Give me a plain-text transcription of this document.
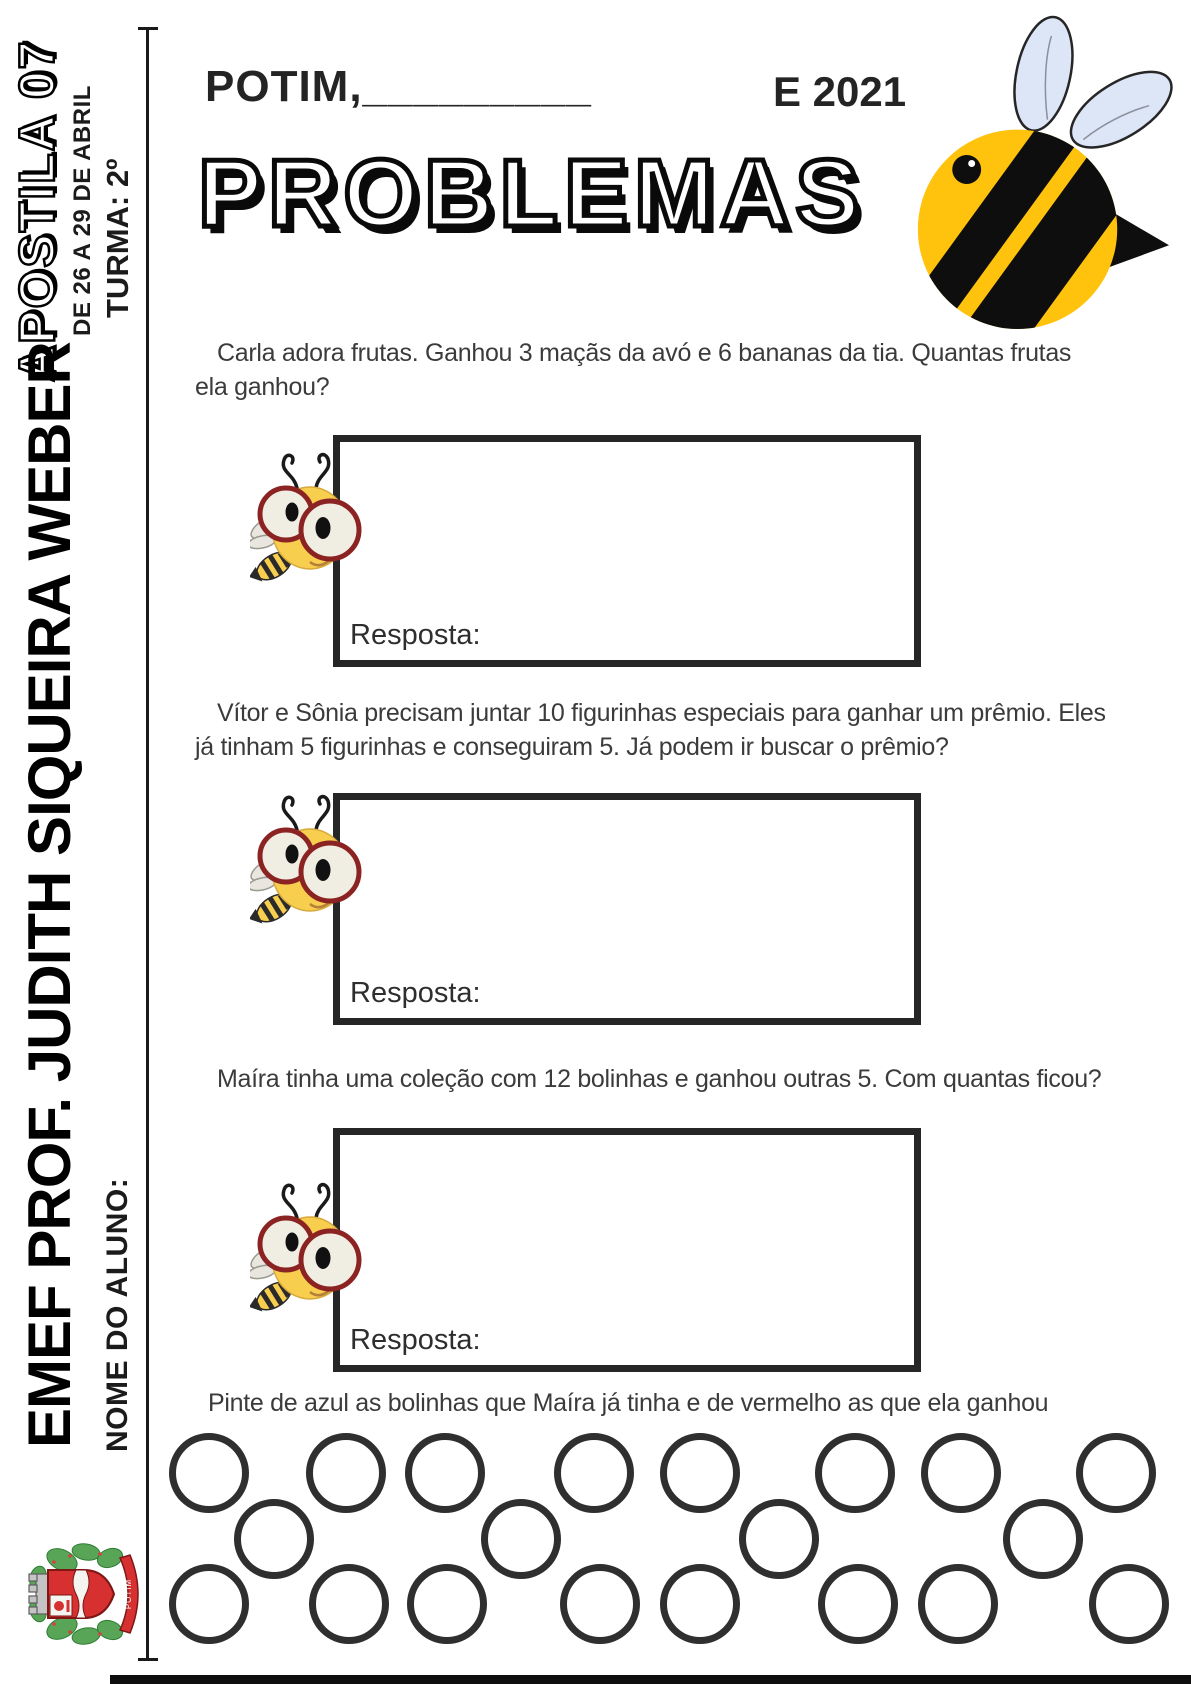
APOSTILA 07 DE 26 A 29 DE ABRIL TURMA: 2º
EMEF PROF. JUDITH SIQUEIRA WEBER NOME DO ALUNO:
POTIM
POTIM,_________	E 2021
PROBLEMAS
Carla adora frutas. Ganhou 3 maçãs da avó e 6 bananas da tia. Quantas frutas
ela ganhou?
Resposta:
Vítor e Sônia precisam juntar 10 figurinhas especiais para ganhar um prêmio. Eles
já tinham 5 figurinhas e conseguiram 5. Já podem ir buscar o prêmio?
Resposta:
Maíra tinha uma coleção com 12 bolinhas e ganhou outras 5. Com quantas ficou?
Resposta:
Pinte de azul as bolinhas que Maíra já tinha e de vermelho as que ela ganhou
